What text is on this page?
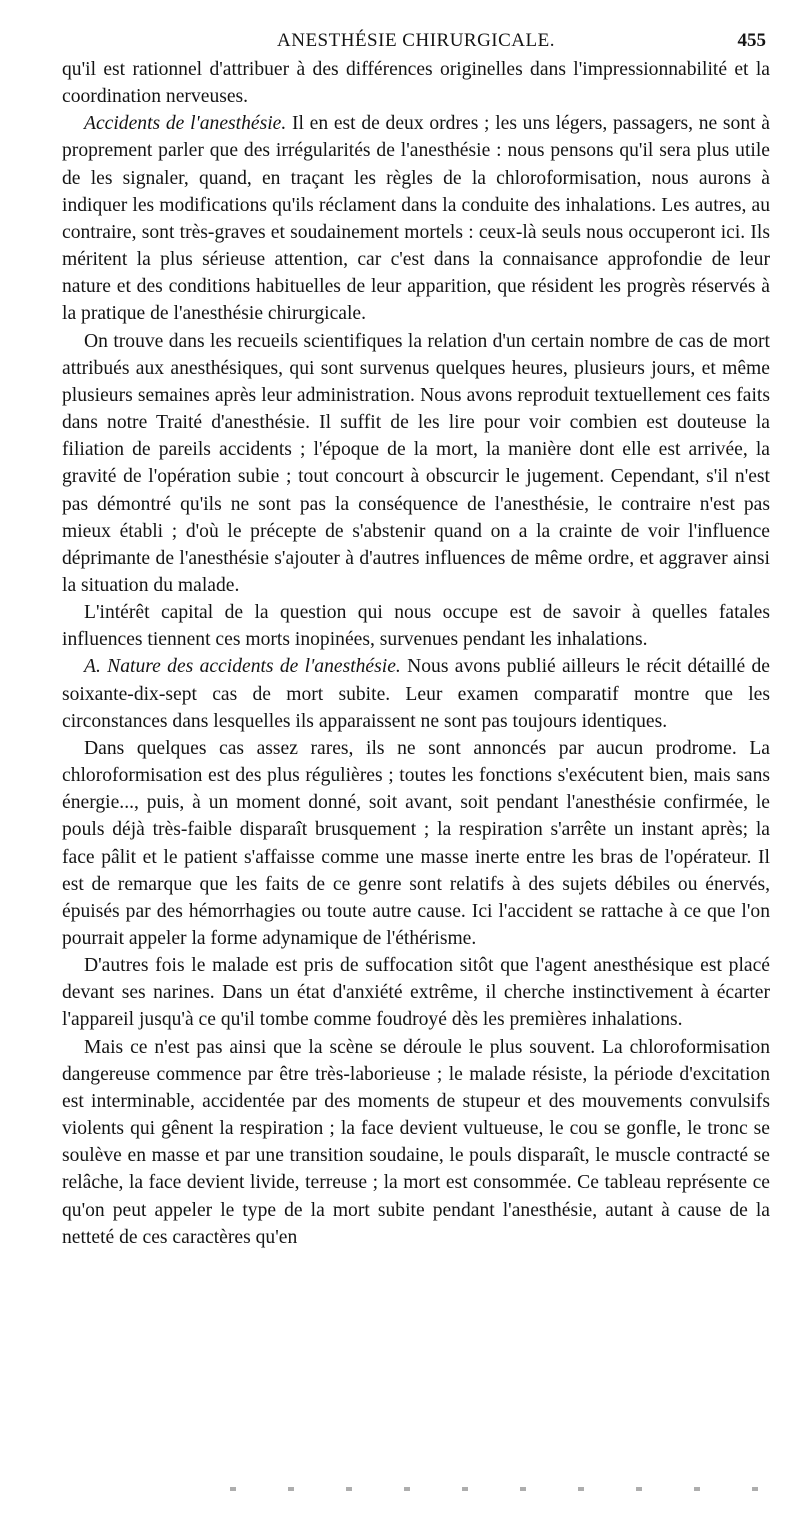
ANESTHÉSIE CHIRURGICALE.	455

qu'il est rationnel d'attribuer à des différences originelles dans l'impressionnabilité et la coordination nerveuses.

Accidents de l'anesthésie. Il en est de deux ordres ; les uns légers, passagers, ne sont à proprement parler que des irrégularités de l'anesthésie : nous pensons qu'il sera plus utile de les signaler, quand, en traçant les règles de la chloroformisation, nous aurons à indiquer les modifications qu'ils réclament dans la conduite des inhalations. Les autres, au contraire, sont très-graves et soudainement mortels : ceux-là seuls nous occuperont ici. Ils méritent la plus sérieuse attention, car c'est dans la connaisance approfondie de leur nature et des conditions habituelles de leur apparition, que résident les progrès réservés à la pratique de l'anesthésie chirurgicale.

On trouve dans les recueils scientifiques la relation d'un certain nombre de cas de mort attribués aux anesthésiques, qui sont survenus quelques heures, plusieurs jours, et même plusieurs semaines après leur administration. Nous avons reproduit textuellement ces faits dans notre Traité d'anesthésie. Il suffit de les lire pour voir combien est douteuse la filiation de pareils accidents ; l'époque de la mort, la manière dont elle est arrivée, la gravité de l'opération subie ; tout concourt à obscurcir le jugement. Cependant, s'il n'est pas démontré qu'ils ne sont pas la conséquence de l'anesthésie, le contraire n'est pas mieux établi ; d'où le précepte de s'abstenir quand on a la crainte de voir l'influence déprimante de l'anesthésie s'ajouter à d'autres influences de même ordre, et aggraver ainsi la situation du malade.

L'intérêt capital de la question qui nous occupe est de savoir à quelles fatales influences tiennent ces morts inopinées, survenues pendant les inhalations.

A. Nature des accidents de l'anesthésie. Nous avons publié ailleurs le récit détaillé de soixante-dix-sept cas de mort subite. Leur examen comparatif montre que les circonstances dans lesquelles ils apparaissent ne sont pas toujours identiques.

Dans quelques cas assez rares, ils ne sont annoncés par aucun prodrome. La chloroformisation est des plus régulières ; toutes les fonctions s'exécutent bien, mais sans énergie..., puis, à un moment donné, soit avant, soit pendant l'anesthésie confirmée, le pouls déjà très-faible disparaît brusquement ; la respiration s'arrête un instant après; la face pâlit et le patient s'affaisse comme une masse inerte entre les bras de l'opérateur. Il est de remarque que les faits de ce genre sont relatifs à des sujets débiles ou énervés, épuisés par des hémorrhagies ou toute autre cause. Ici l'accident se rattache à ce que l'on pourrait appeler la forme adynamique de l'éthérisme.

D'autres fois le malade est pris de suffocation sitôt que l'agent anesthésique est placé devant ses narines. Dans un état d'anxiété extrême, il cherche instinctivement à écarter l'appareil jusqu'à ce qu'il tombe comme foudroyé dès les premières inhalations.

Mais ce n'est pas ainsi que la scène se déroule le plus souvent. La chloroformisation dangereuse commence par être très-laborieuse ; le malade résiste, la période d'excitation est interminable, accidentée par des moments de stupeur et des mouvements convulsifs violents qui gênent la respiration ; la face devient vultueuse, le cou se gonfle, le tronc se soulève en masse et par une transition soudaine, le pouls disparaît, le muscle contracté se relâche, la face devient livide, terreuse ; la mort est consommée. Ce tableau représente ce qu'on peut appeler le type de la mort subite pendant l'anesthésie, autant à cause de la netteté de ces caractères qu'en
